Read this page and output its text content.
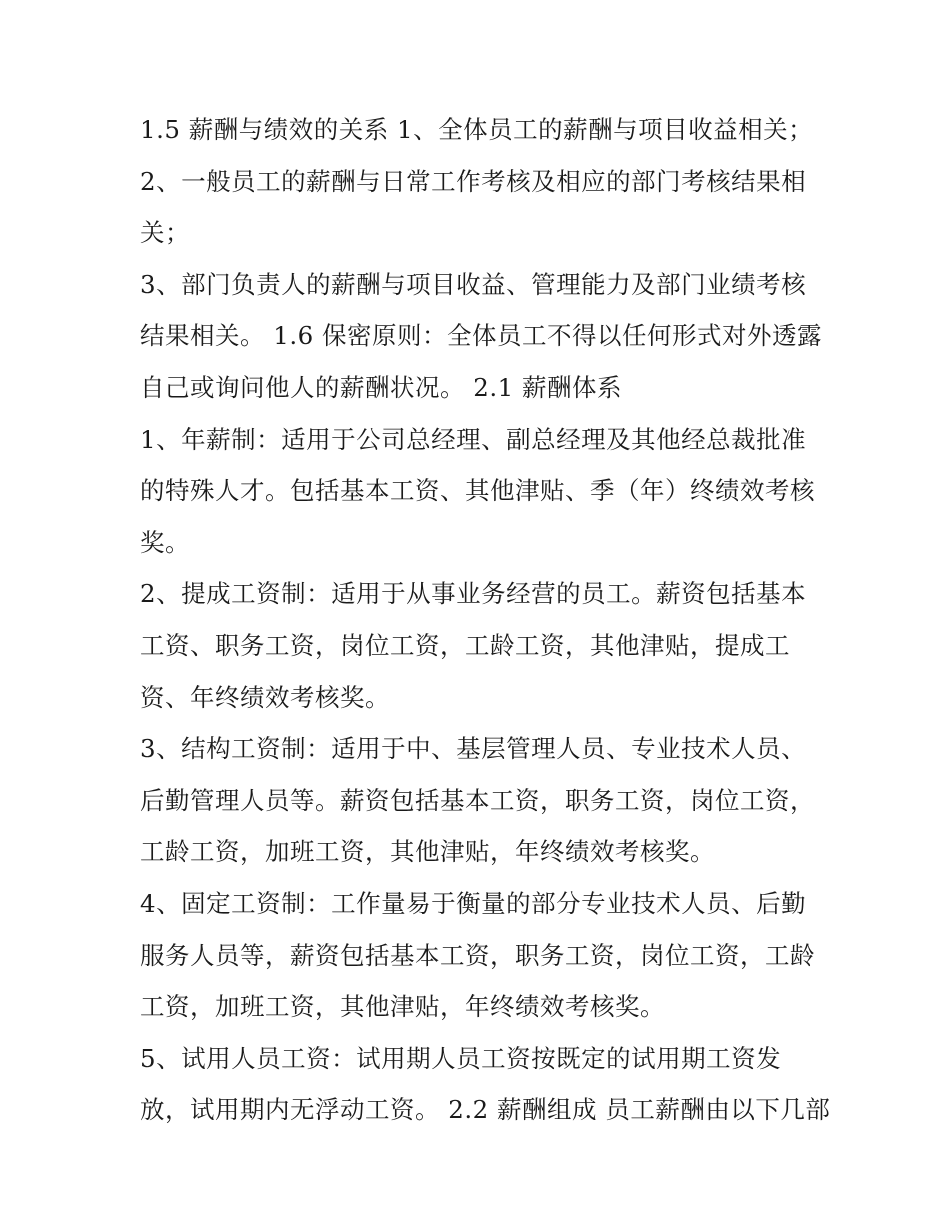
1.5 薪酬与绩效的关系 1、全体员工的薪酬与项目收益相关；
2、一般员工的薪酬与日常工作考核及相应的部门考核结果相
关；
3、部门负责人的薪酬与项目收益、管理能力及部门业绩考核
结果相关。 1.6 保密原则：全体员工不得以任何形式对外透露
自己或询问他人的薪酬状况。 2.1 薪酬体系
1、年薪制：适用于公司总经理、副总经理及其他经总裁批准
的特殊人才。包括基本工资、其他津贴、季（年）终绩效考核
奖。
2、提成工资制：适用于从事业务经营的员工。薪资包括基本
工资、职务工资，岗位工资，工龄工资，其他津贴，提成工
资、年终绩效考核奖。
3、结构工资制：适用于中、基层管理人员、专业技术人员、
后勤管理人员等。薪资包括基本工资，职务工资，岗位工资，
工龄工资，加班工资，其他津贴，年终绩效考核奖。
4、固定工资制：工作量易于衡量的部分专业技术人员、后勤
服务人员等，薪资包括基本工资，职务工资，岗位工资，工龄
工资，加班工资，其他津贴，年终绩效考核奖。
5、试用人员工资：试用期人员工资按既定的试用期工资发
放，试用期内无浮动工资。 2.2 薪酬组成 员工薪酬由以下几部
